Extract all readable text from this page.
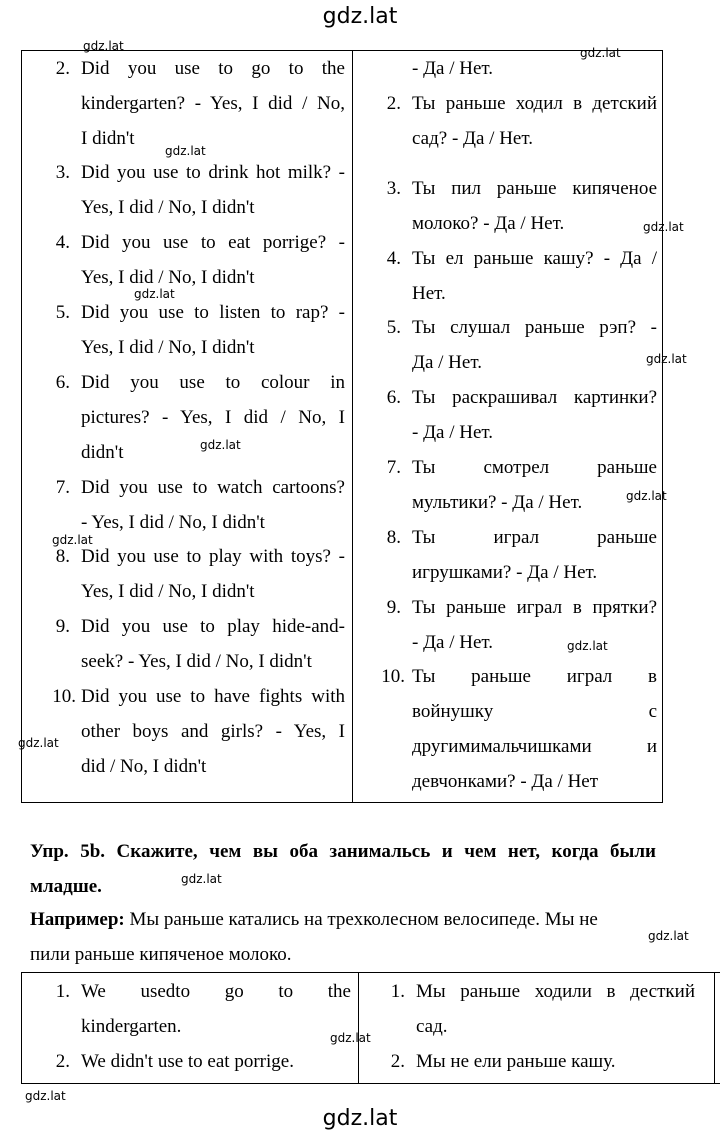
gdz.lat
2. Did you use to go to the
kindergarten? - Yes, I did / No,
I didn't
3. Did you use to drink hot milk? -
Yes, I did / No, I didn't
4. Did you use to eat porrige? -
Yes, I did / No, I didn't
5. Did you use to listen to rap? -
Yes, I did / No, I didn't
6. Did you use to colour in
pictures? - Yes, I did / No, I
didn't
7. Did you use to watch cartoons?
- Yes, I did / No, I didn't
8. Did you use to play with toys? -
Yes, I did / No, I didn't
9. Did you use to play hide-and-
seek? - Yes, I did / No, I didn't
10. Did you use to have fights with
other boys and girls? - Yes, I
did / No, I didn't
- Да / Нет.
2. Ты раньше ходил в детский
сад? - Да / Нет.
3. Ты пил раньше кипяченое
молоко? - Да / Нет.
4. Ты ел раньше кашу? - Да /
Нет.
5. Ты слушал раньше рэп? -
Да / Нет.
6. Ты раскрашивал картинки?
- Да / Нет.
7. Ты смотрел раньше
мультики? - Да / Нет.
8. Ты играл раньше
игрушками? - Да / Нет.
9. Ты раньше играл в прятки?
- Да / Нет.
10. Ты раньше играл в
войнушку с
другимимальчишками и
девчонками? - Да / Нет
Упр. 5b. Скажите, чем вы оба занимальсь и чем нет, когда были
младше.
Например: Мы раньше катались на трехколесном велосипеде. Мы не
пили раньше кипяченое молоко.
1. We usedto go to the
kindergarten.
2. We didn't use to eat porrige.
1. Мы раньше ходили в десткий
сад.
2. Мы не ели раньше кашу.
gdz.lat
gdz.lat	gdz.lat
gdz.lat
gdz.lat
gdz.lat
gdz.lat
gdz.lat
gdz.lat
gdz.lat
gdz.lat
gdz.lat
gdz.lat
gdz.lat
gdz.lat
gdz.lat
